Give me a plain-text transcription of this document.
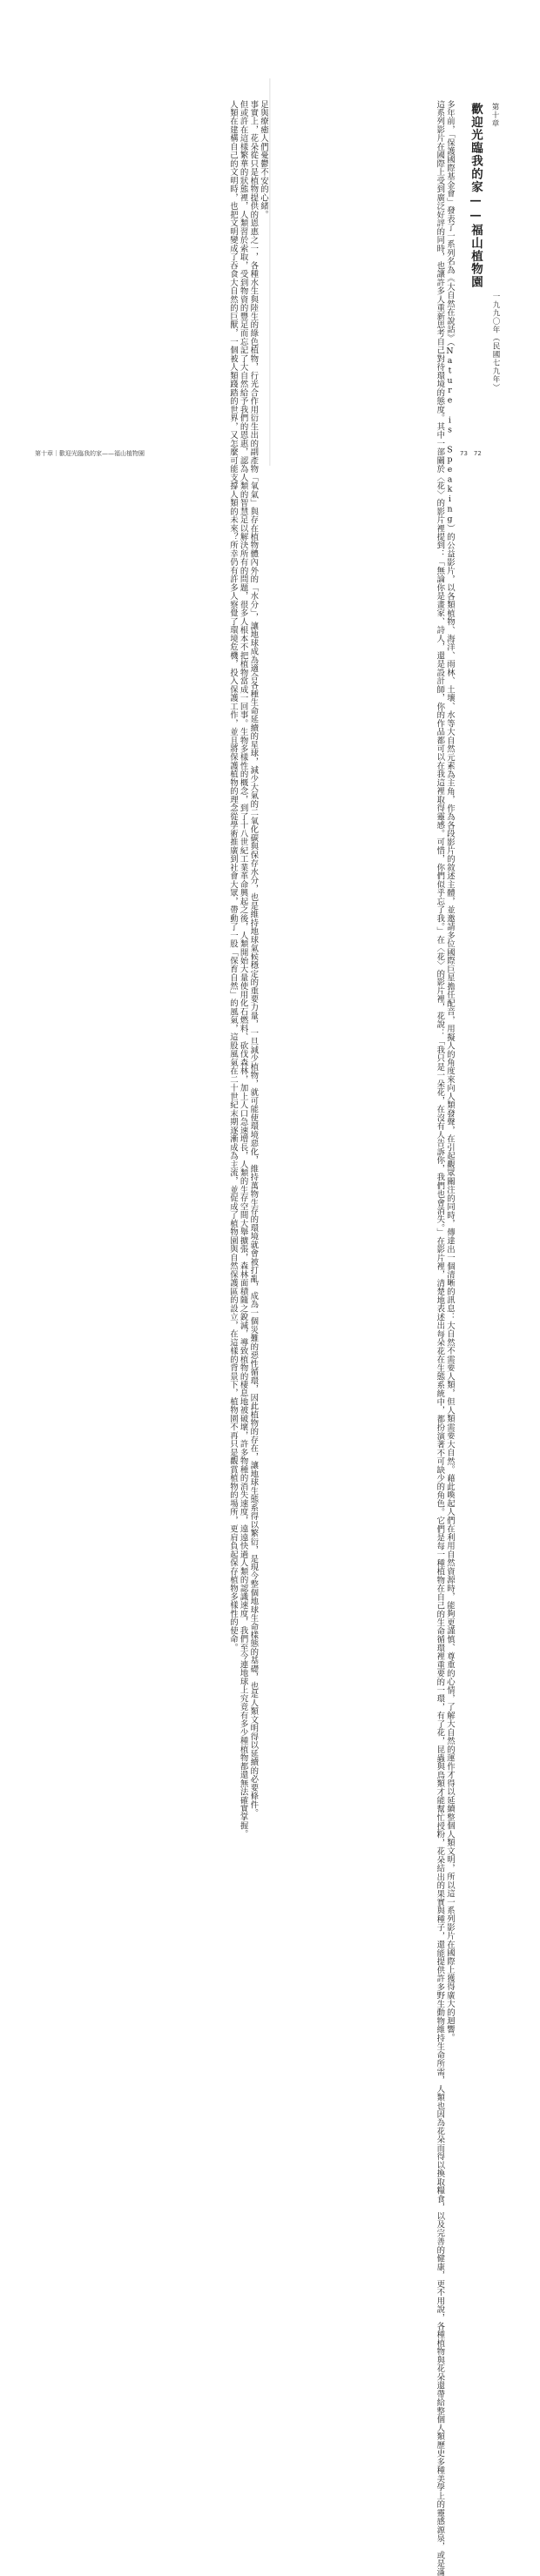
第十章
歡迎光臨我的家——福山植物園
一九九〇年（民國七九年）

多年前，「保護國際基金會」發表了一系列名為《大自然在說話》（Nature is Speaking）的公益影片，以各類植物、海洋、雨林、土壤、水等大自然元素為主角，作為各段影片的敘述主體，並邀請多位國際巨星擔任配音，用擬人的角度來向人類發聲，在引起觀眾關注的同時，傳達出一個清晰的訊息：大自然不需要人類，但人類需要大自然。藉此喚起人們在利用自然資源時，能夠更謹慎、尊重的心情，了解大自然的運作才得以延續整個人類文明，所以這一系列影片在國際上獲得廣大的迴響。

這系列影片在國際上受到廣泛好評的同時，也讓許多人重新思考自己對待環境的態度。其中一部關於〈花〉的影片裡提到：「無論你是畫家、詩人，還是設計師，你的作品都可以在我這裡取得靈感。可惜，你們似乎忘了我。」在〈花〉的影片裡，花說：「我只是一朵花，在沒有人告訴你，我們也會消失。」在影片裡，清楚地表述出每朵花在生態系統中，都扮演著不可缺少的角色。它們是每一種植物在自己的生命循環裡重要的一環，有了花，昆蟲與鳥類才能幫忙授粉，花朵結出的果實與種子，還能提供許多野生動物維持生命所需，人類也因為花朵而得以換取糧食，以及完善的健康，更不用說，各種植物與花朵還帶給整個人類歷史多種美學上的靈感源泉，或是滿

足與療癒人們憂鬱不安的心緒。

事實上，花朵從只是植物提供的恩惠之一，各種水生與陸生的綠色植物，行光合作用衍生出的副產物「氧氣」與存在植物體內外的「水分」，讓地球成為適合各種生命延續的星球，減少大氣的二氧化碳與保存水分，也是維持地球氣候穩定的重要力量，一旦減少植物，就可能使環境惡化，維持萬物生存的環境就會被打亂，成為一個災難的惡性循環，因此植物的存在，讓地球生態系得以繁衍，是現今整個地球生命樣態的基礎，也是人類文明得以延續的必要條件。

但或許在這樣繁華的狀態裡，人類習於索取，受到物資的豐足而忘記了大自然給予我們的恩惠，認為人類的智慧足以解決所有的問題，很多人根本不把植物當成一回事。生物多樣性的概念，到了十八世紀工業革命興起之後，人類開始大量使用化石燃料、砍伐森林，加上人口急速增長，人類的生存空間大舉擴張，森林面積隨之銳減，導致植物的棲息地被破壞，許多物種的消失速度，遠遠快過人類的認識速度，我們至今連地球上究竟有多少種植物都還無法確實掌握。

人類在建構自己的文明時，也把文明變成了吞食大自然的巨獸，一個被人類踐踏的世界，又怎麼可能支撐人類的未來？所幸仍有許多人察覺了環境危機，投入保護工作，並且將保護植物的理念從學術推廣到社會大眾，帶動了一股「保育自然」的風氣，這股風氣在二十世紀末期逐漸成為主流，並促成了植物園與自然保護區的設立，在這樣的背景下，植物園不再只是觀賞植物的場所，更肩負起保存植物多樣性的使命。

第十章｜歡迎光臨我的家——福山植物園	73　72
